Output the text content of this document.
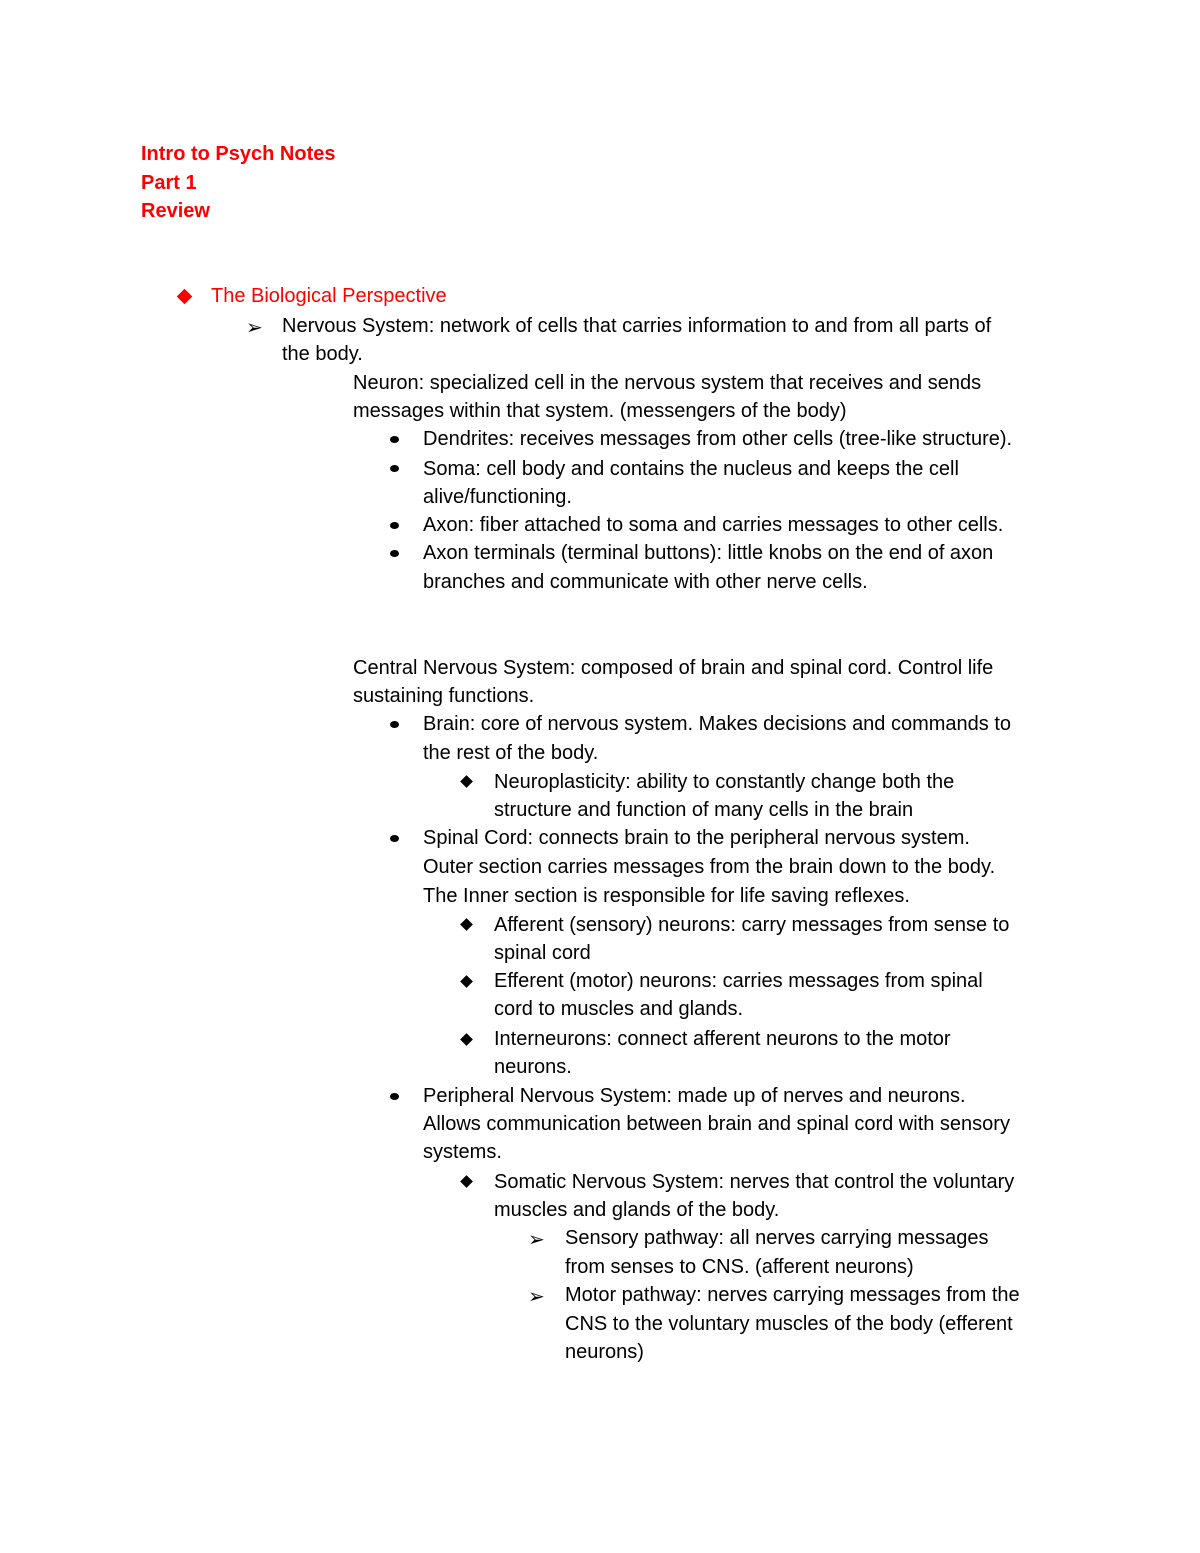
Intro to Psych Notes
Part 1
Review
The Biological Perspective
➢ Nervous System: network of cells that carries information to and from all parts of
the body.
Neuron: specialized cell in the nervous system that receives and sends
messages within that system. (messengers of the body)
Dendrites: receives messages from other cells (tree-like structure).
Soma: cell body and contains the nucleus and keeps the cell
alive/functioning.
Axon: fiber attached to soma and carries messages to other cells.
Axon terminals (terminal buttons): little knobs on the end of axon
branches and communicate with other nerve cells.
Central Nervous System: composed of brain and spinal cord. Control life
sustaining functions.
Brain: core of nervous system. Makes decisions and commands to
the rest of the body.
Neuroplasticity: ability to constantly change both the
structure and function of many cells in the brain
Spinal Cord: connects brain to the peripheral nervous system.
Outer section carries messages from the brain down to the body.
The Inner section is responsible for life saving reflexes.
Afferent (sensory) neurons: carry messages from sense to
spinal cord
Efferent (motor) neurons: carries messages from spinal
cord to muscles and glands.
Interneurons: connect afferent neurons to the motor
neurons.
Peripheral Nervous System: made up of nerves and neurons.
Allows communication between brain and spinal cord with sensory
systems.
Somatic Nervous System: nerves that control the voluntary
muscles and glands of the body.
➢ Sensory pathway: all nerves carrying messages
from senses to CNS. (afferent neurons)
➢ Motor pathway: nerves carrying messages from the
CNS to the voluntary muscles of the body (efferent
neurons)
